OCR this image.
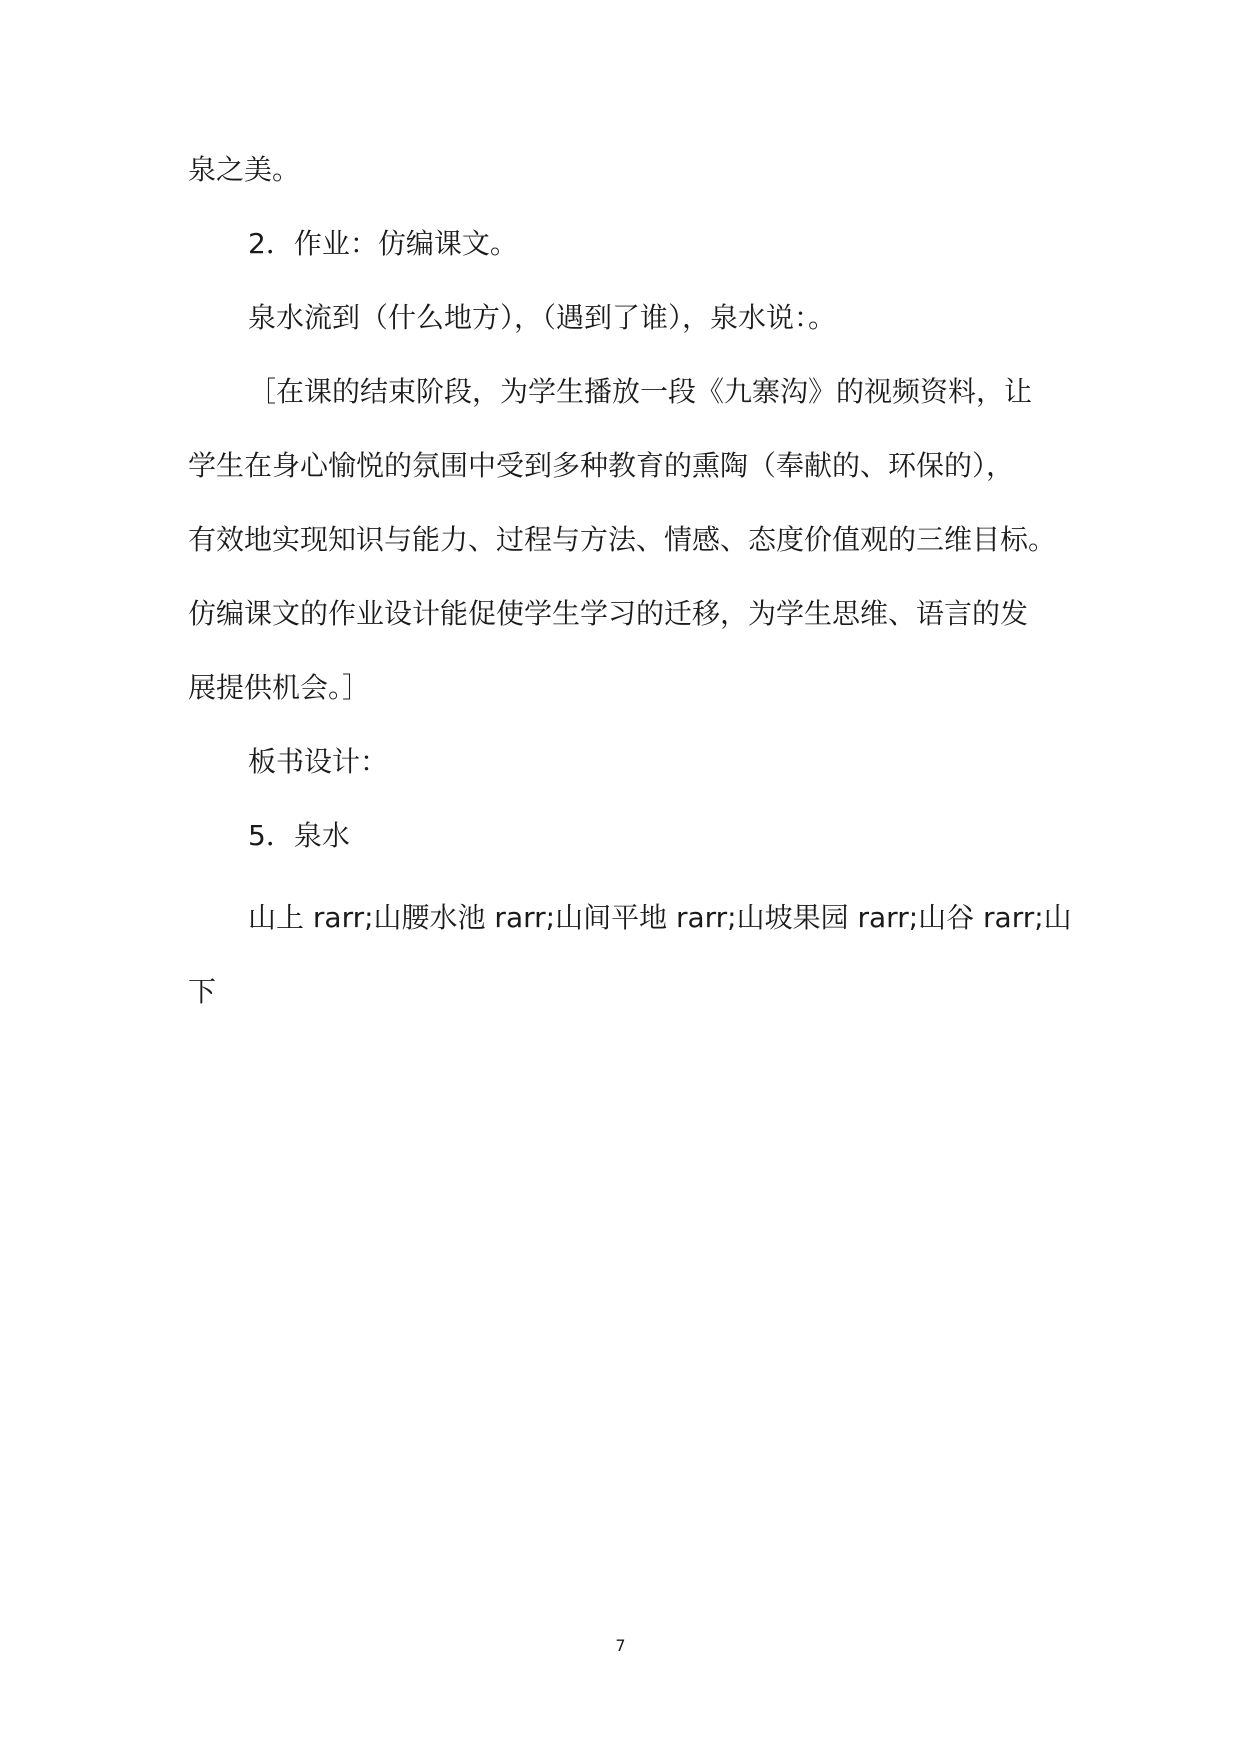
泉之美。
2．作业：仿编课文。
泉水流到（什么地方），（遇到了谁），泉水说：。
［在课的结束阶段，为学生播放一段《九寨沟》的视频资料，让
学生在身心愉悦的氛围中受到多种教育的熏陶（奉献的、环保的），
有效地实现知识与能力、过程与方法、情感、态度价值观的三维目标。
仿编课文的作业设计能促使学生学习的迁移，为学生思维、语言的发
展提供机会。］
板书设计：
5．泉水
山上 rarr;山腰水池 rarr;山间平地 rarr;山坡果园 rarr;山谷 rarr;山
下
7
